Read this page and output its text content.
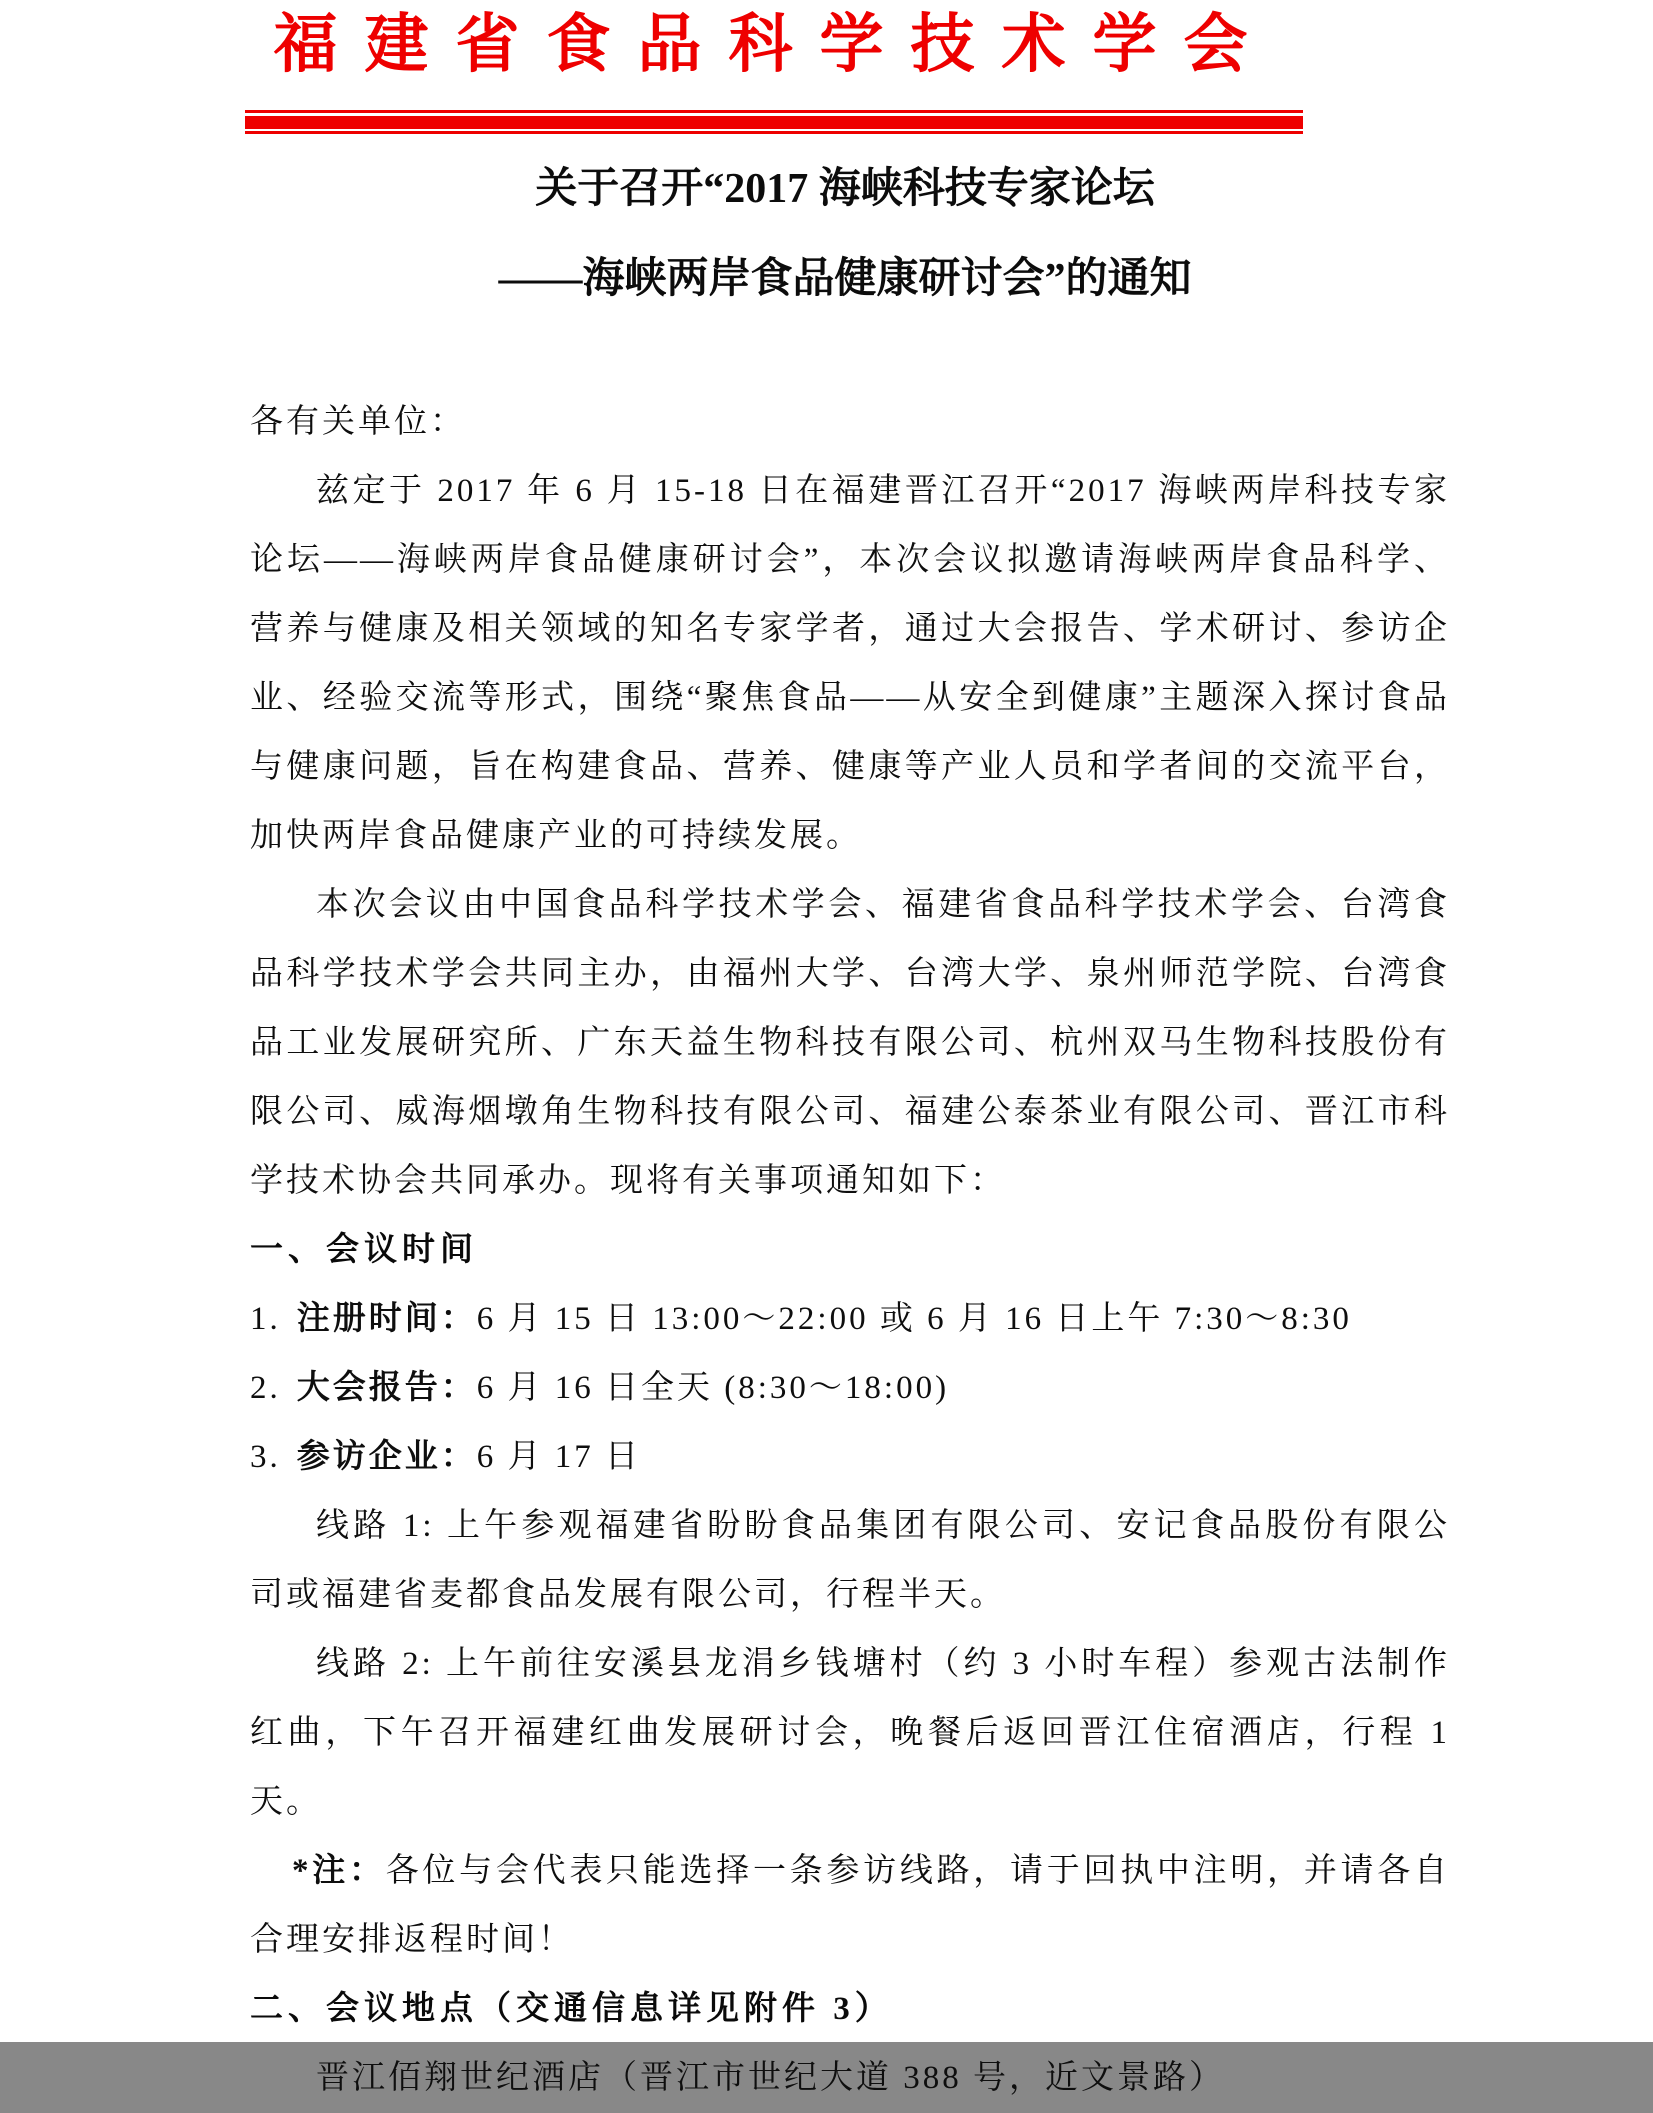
福建省食品科学技术学会
关于召开“2017 海峡科技专家论坛
——海峡两岸食品健康研讨会”的通知

各有关单位：

兹定于 2017 年 6 月 15-18 日在福建晋江召开“2017 海峡两岸科技专家论坛——海峡两岸食品健康研讨会”，本次会议拟邀请海峡两岸食品科学、营养与健康及相关领域的知名专家学者，通过大会报告、学术研讨、参访企业、经验交流等形式，围绕“聚焦食品——从安全到健康”主题深入探讨食品与健康问题，旨在构建食品、营养、健康等产业人员和学者间的交流平台，加快两岸食品健康产业的可持续发展。

本次会议由中国食品科学技术学会、福建省食品科学技术学会、台湾食品科学技术学会共同主办，由福州大学、台湾大学、泉州师范学院、台湾食品工业发展研究所、广东天益生物科技有限公司、杭州双马生物科技股份有限公司、威海烟墩角生物科技有限公司、福建公泰茶业有限公司、晋江市科学技术协会共同承办。现将有关事项通知如下：

一、会议时间

1. 注册时间：6 月 15 日 13:00～22:00 或 6 月 16 日上午 7:30～8:30

2. 大会报告：6 月 16 日全天 (8:30～18:00)

3. 参访企业：6 月 17 日

线路 1: 上午参观福建省盼盼食品集团有限公司、安记食品股份有限公司或福建省麦都食品发展有限公司，行程半天。

线路 2: 上午前往安溪县龙涓乡钱塘村（约 3 小时车程）参观古法制作红曲，下午召开福建红曲发展研讨会，晚餐后返回晋江住宿酒店，行程 1 天。

*注：各位与会代表只能选择一条参访线路，请于回执中注明，并请各自合理安排返程时间！

二、会议地点（交通信息详见附件 3）

晋江佰翔世纪酒店（晋江市世纪大道 388 号，近文景路）
